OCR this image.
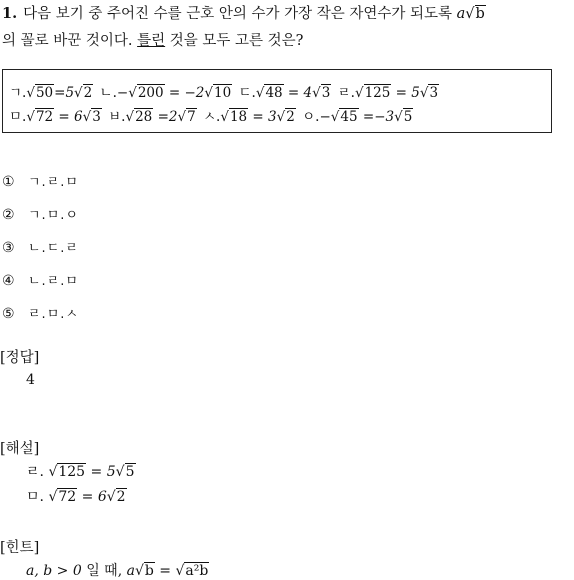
1. 다음 보기 중 주어진 수를 근호 안의 수가 가장 작은 자연수가 되도록 a√b
의 꼴로 바꾼 것이다. 틀린 것을 모두 고른 것은?
ㄱ.√50=5√2 ㄴ.−√200 = −2√10 ㄷ.√48 = 4√3 ㄹ.√125 = 5√3
ㅁ.√72 = 6√3 ㅂ.√28 =2√7 ㅅ.√18 = 3√2 ㅇ.−√45 =−3√5
① ㄱ.ㄹ.ㅁ
② ㄱ.ㅁ.ㅇ
③ ㄴ.ㄷ.ㄹ
④ ㄴ.ㄹ.ㅁ
⑤ ㄹ.ㅁ.ㅅ
[정답]
4
[해설]
ㄹ. √125 = 5√5
ㅁ. √72 = 6√2
[힌트]
a, b > 0 일 때, a√b = √a²b
